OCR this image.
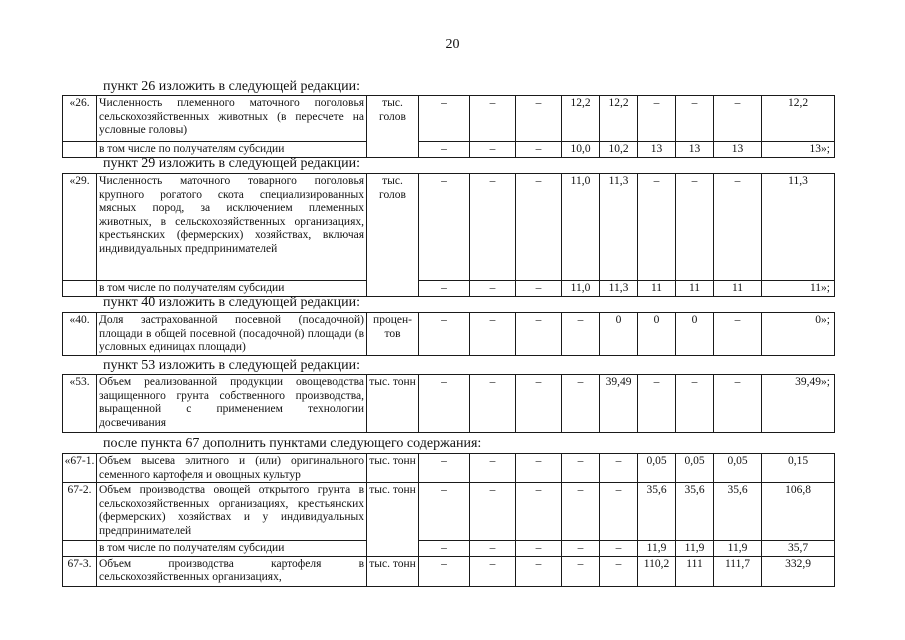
20
пункт 26 изложить в следующей редакции:
«26.	Численность племенного маточного поголовья сельскохозяйственных животных (в пересчете на условные головы)	тыс. голов	–	–	–	12,2	12,2	–	–	–	12,2
	в том числе по получателям субсидии		–	–	–	10,0	10,2	13	13	13	13»;
пункт 29 изложить в следующей редакции:
«29.	Численность маточного товарного поголовья крупного рогатого скота специализированных мясных пород, за исключением племенных животных, в сельскохозяйственных организациях, крестьянских (фермерских) хозяйствах, включая индивидуальных предпринимателей	тыс. голов	–	–	–	11,0	11,3	–	–	–	11,3
	в том числе по получателям субсидии		–	–	–	11,0	11,3	11	11	11	11»;
пункт 40 изложить в следующей редакции:
«40.	Доля застрахованной посевной (посадочной) площади в общей посевной (посадочной) площади (в условных единицах площади)	процен- тов	–	–	–	–	0	0	0	–	0»;
пункт 53 изложить в следующей редакции:
«53.	Объем реализованной продукции овощеводства защищенного грунта собственного производства, выращенной с применением технологии досвечивания	тыс. тонн	–	–	–	–	39,49	–	–	–	39,49»;
после пункта 67 дополнить пунктами следующего содержания:
«67-1.	Объем высева элитного и (или) оригинального семенного картофеля и овощных культур	тыс. тонн	–	–	–	–	–	0,05	0,05	0,05	0,15
67-2.	Объем производства овощей открытого грунта в сельскохозяйственных организациях, крестьянских (фермерских) хозяйствах и у индивидуальных предпринимателей	тыс. тонн	–	–	–	–	–	35,6	35,6	35,6	106,8
	в том числе по получателям субсидии		–	–	–	–	–	11,9	11,9	11,9	35,7
67-3.	Объем производства картофеля в сельскохозяйственных организациях,	тыс. тонн	–	–	–	–	–	110,2	111	111,7	332,9
